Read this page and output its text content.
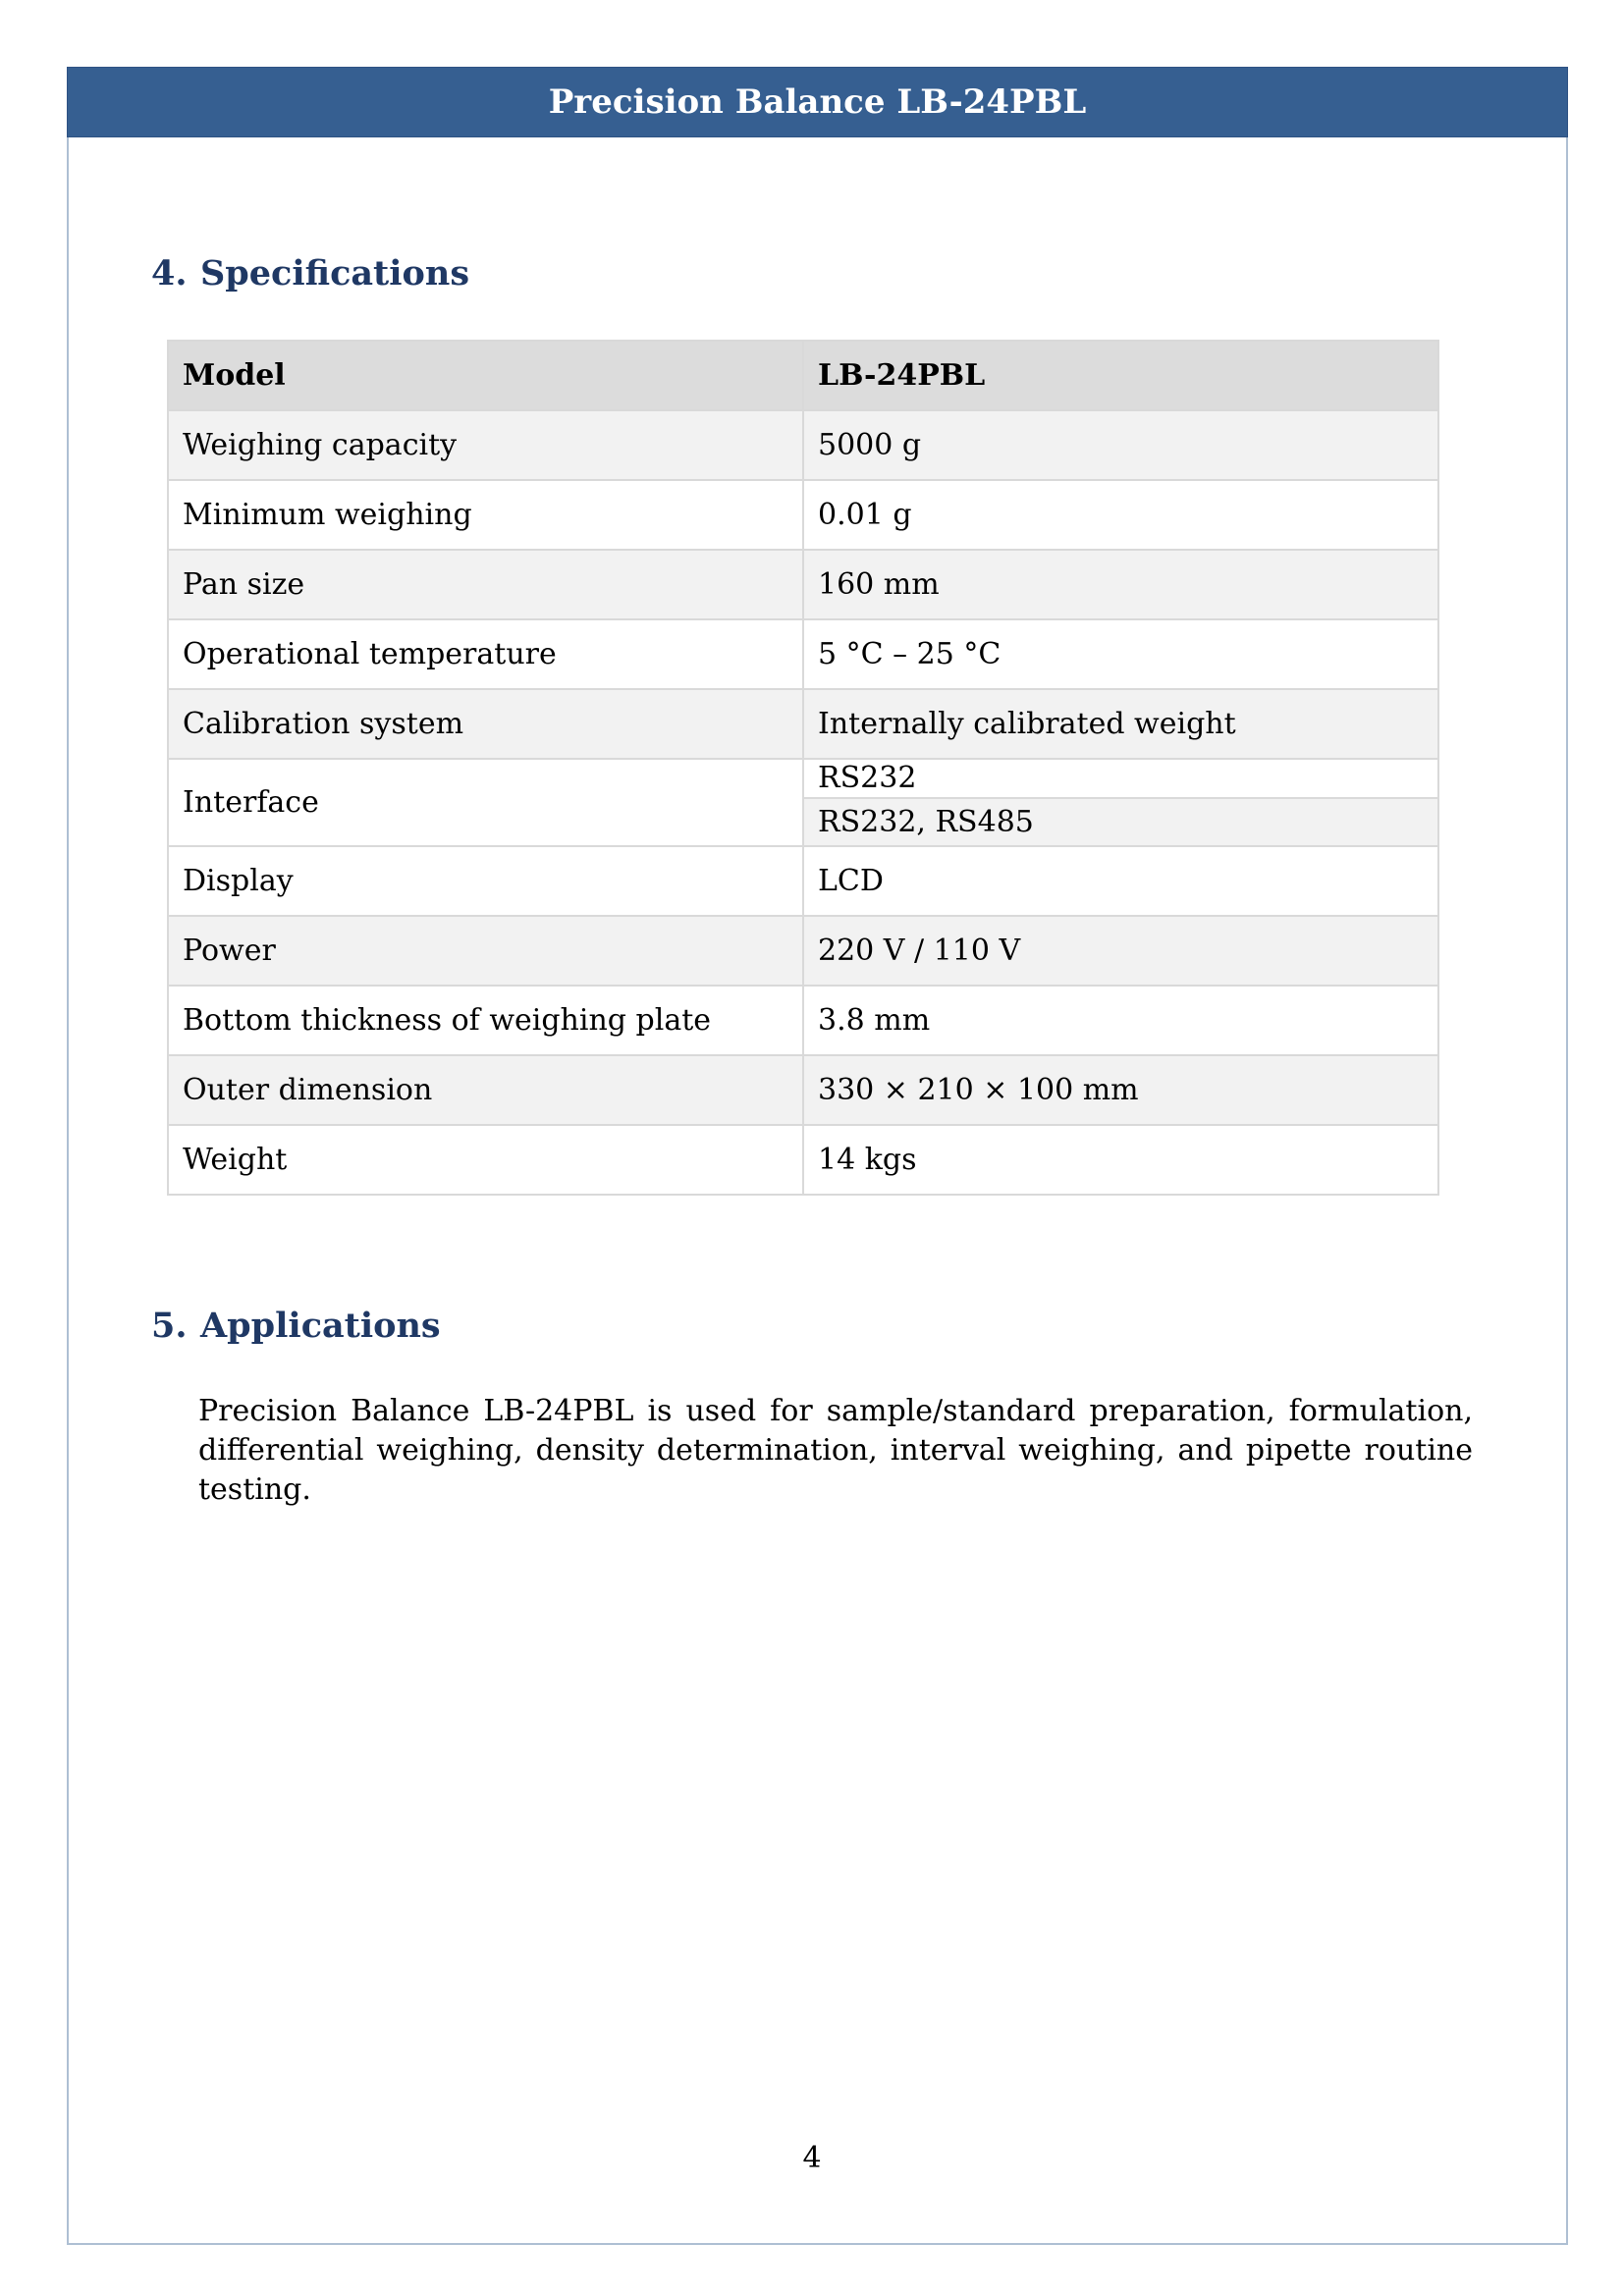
Precision Balance LB-24PBL
4. Specifications
Model	LB-24PBL
Weighing capacity	5000 g
Minimum weighing	0.01 g
Pan size	160 mm
Operational temperature	5 °C – 25 °C
Calibration system	Internally calibrated weight
Interface	RS232
	RS232, RS485
Display	LCD
Power	220 V / 110 V
Bottom thickness of weighing plate	3.8 mm
Outer dimension	330 × 210 × 100 mm
Weight	14 kgs
5. Applications

Precision Balance LB-24PBL is used for sample/standard preparation, formulation, differential weighing, density determination, interval weighing, and pipette routine testing.

4
